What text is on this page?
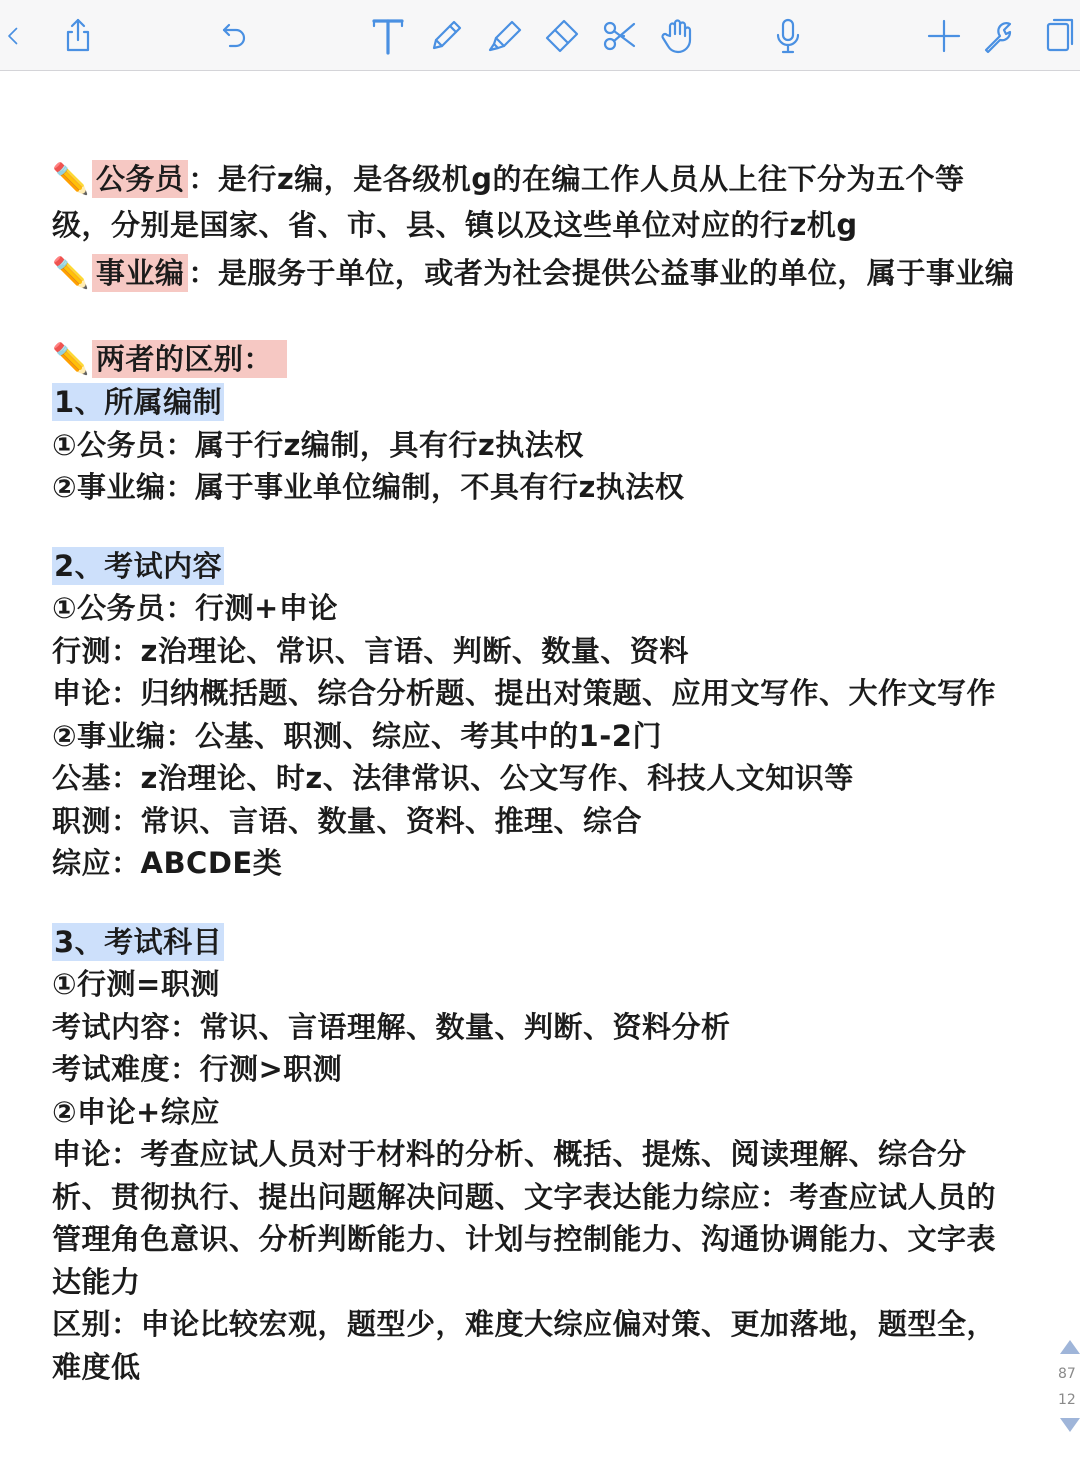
✏️ 公务员 ：是行z编，是各级机g的在编工作人员从上往下分为五个等
级，分别是国家、省、市、县、镇以及这些单位对应的行z机g
✏️ 事业编 ：是服务于单位，或者为社会提供公益事业的单位，属于事业编
✏️ 两者的区别：
1、所属编制
①公务员：属于行z编制，具有行z执法权
②事业编：属于事业单位编制，不具有行z执法权
2、考试内容
①公务员：行测+申论
行测：z治理论、常识、言语、判断、数量、资料
申论：归纳概括题、综合分析题、提出对策题、应用文写作、大作文写作
②事业编：公基、职测、综应、考其中的1-2门
公基：z治理论、时z、法律常识、公文写作、科技人文知识等
职测：常识、言语、数量、资料、推理、综合
综应：ABCDE类
3、考试科目
①行测=职测
考试内容：常识、言语理解、数量、判断、资料分析
考试难度：行测>职测
②申论+综应
申论：考查应试人员对于材料的分析、概括、提炼、阅读理解、综合分
析、贯彻执行、提出问题解决问题、文字表达能力综应：考查应试人员的
管理角色意识、分析判断能力、计划与控制能力、沟通协调能力、文字表
达能力
区别：申论比较宏观，题型少，难度大综应偏对策、更加落地，题型全，
难度低	87
12
